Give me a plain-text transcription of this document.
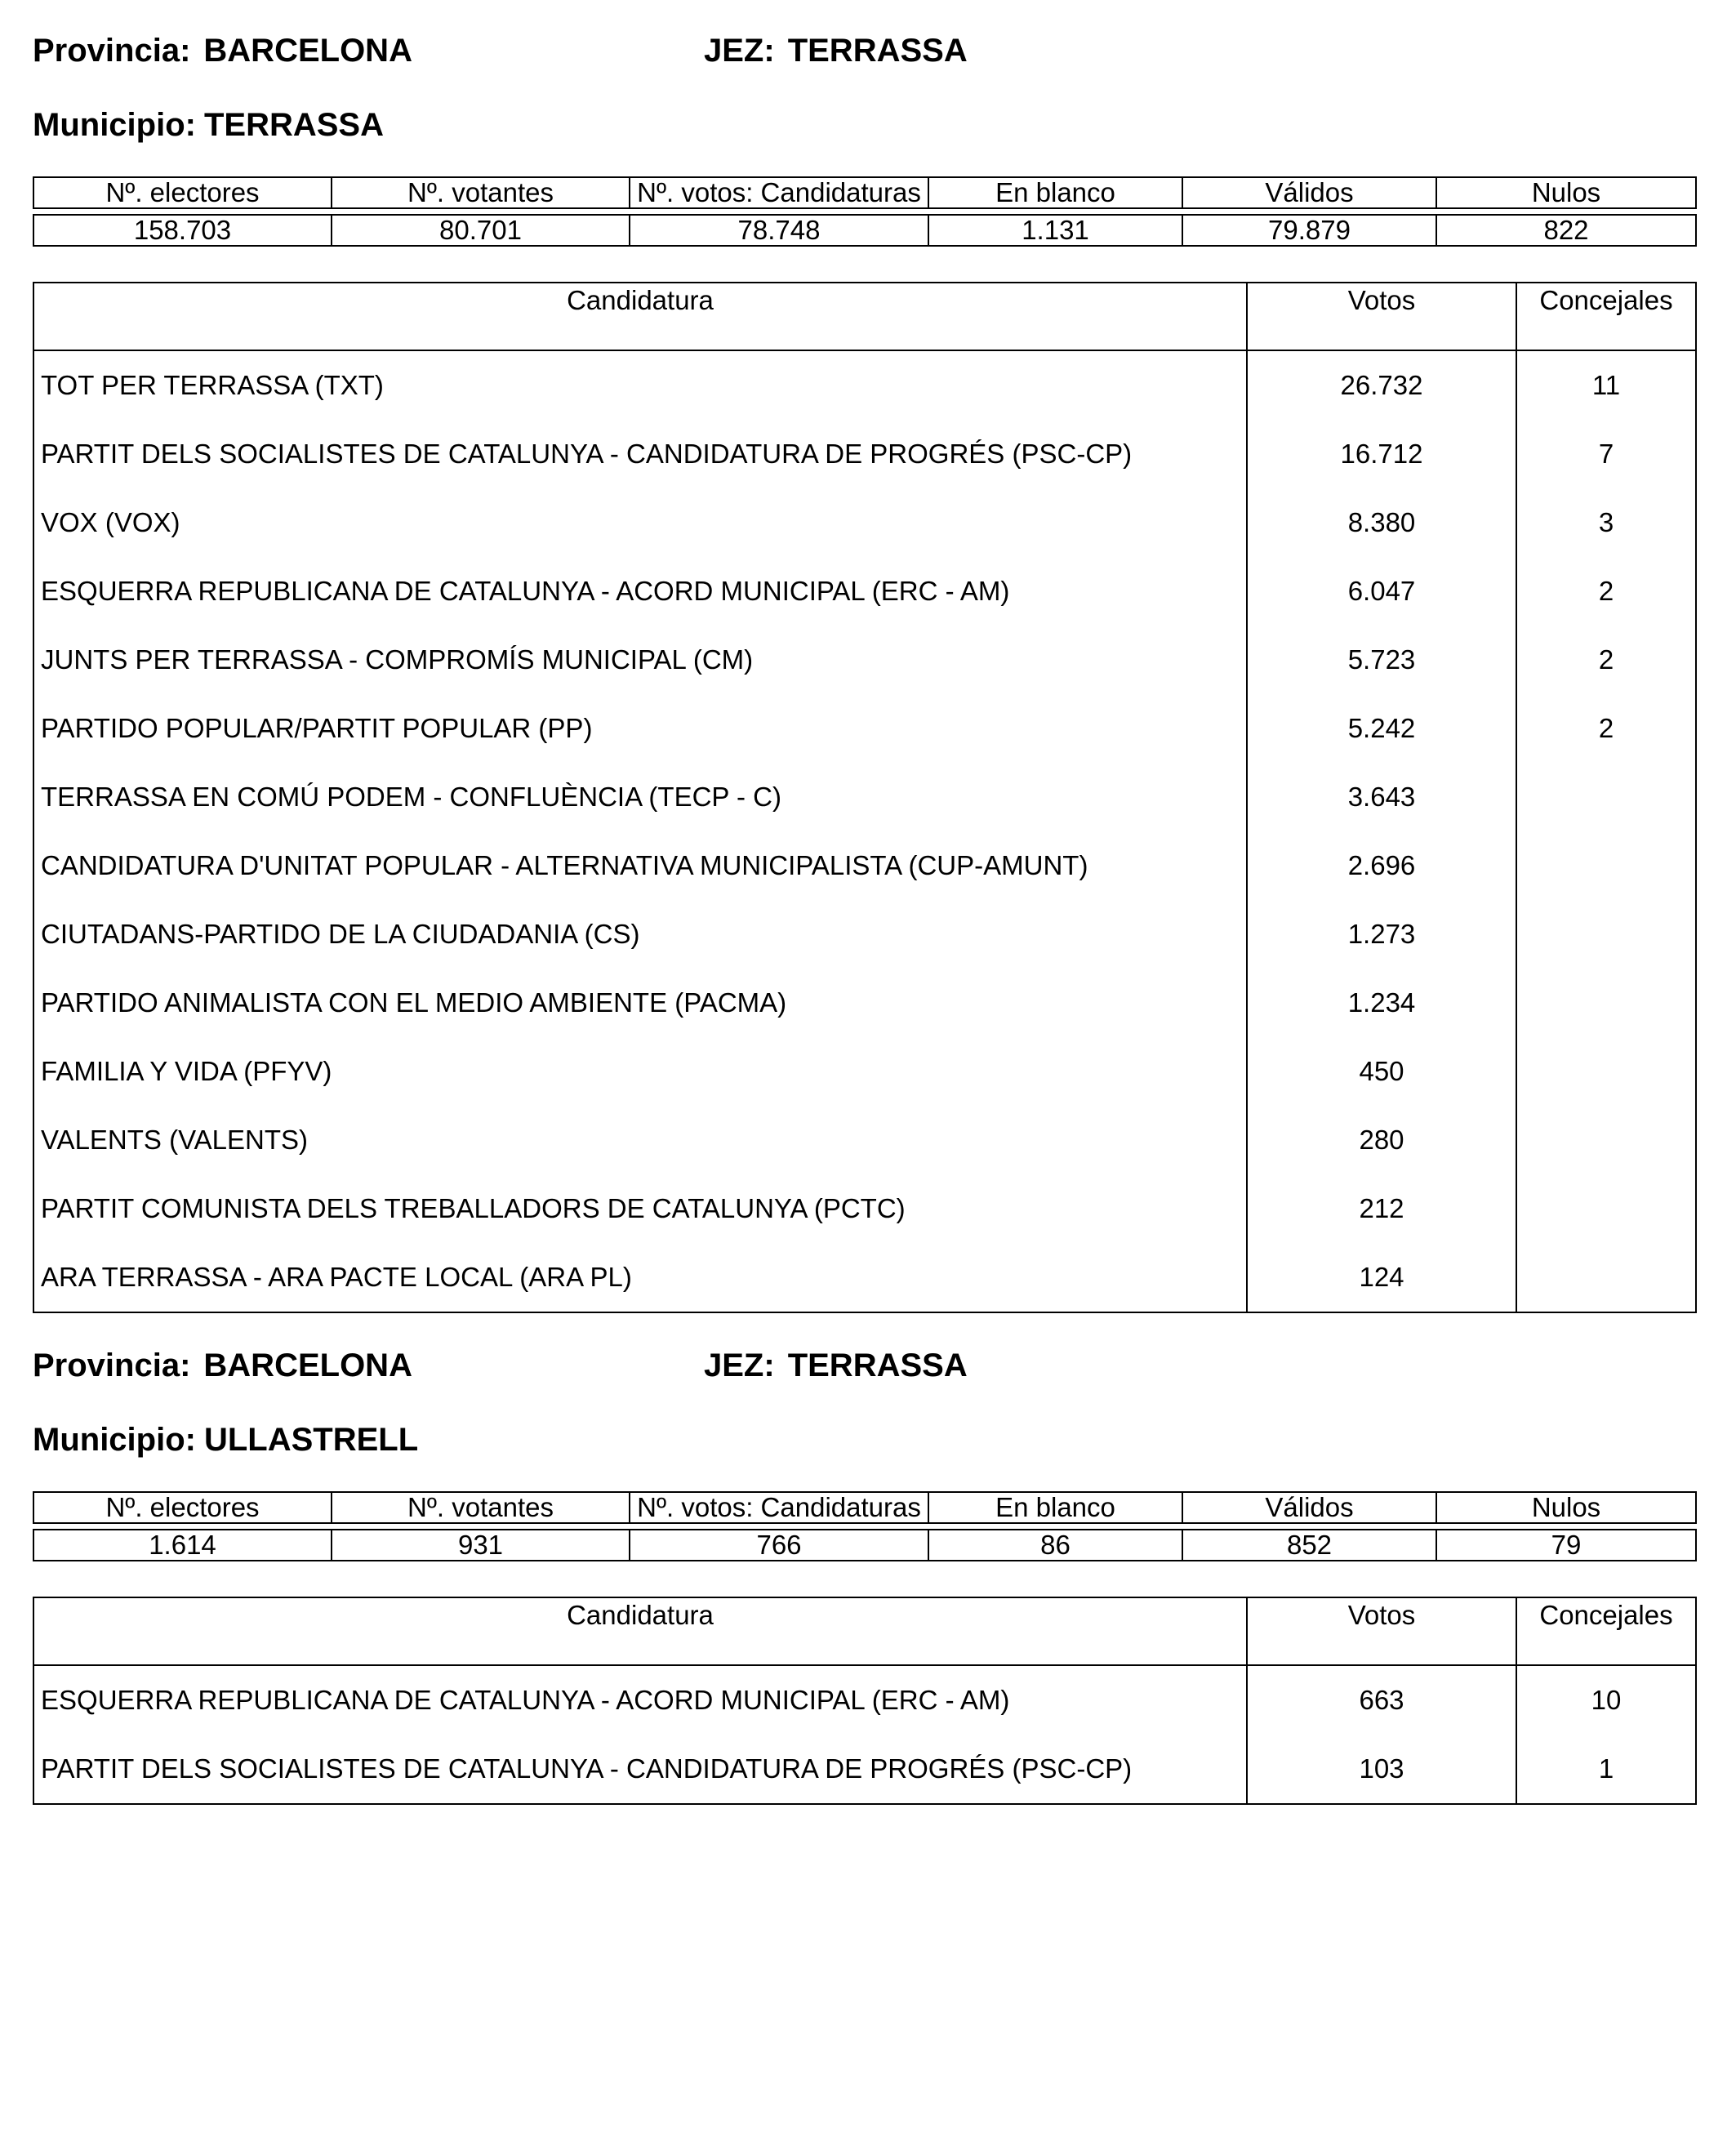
Provincia: BARCELONA	JEZ: TERRASSA
Municipio: TERRASSA
Nº. electores	Nº. votantes	Nº. votos: Candidaturas	En blanco	Válidos	Nulos

158.703	80.701	78.748	1.131	79.879	822
Candidatura	Votos	Concejales
TOT PER TERRASSA (TXT)	26.732	11
PARTIT DELS SOCIALISTES DE CATALUNYA - CANDIDATURA DE PROGRÉS (PSC-CP)	16.712	7
VOX (VOX)	8.380	3
ESQUERRA REPUBLICANA DE CATALUNYA - ACORD MUNICIPAL (ERC - AM)	6.047	2
JUNTS PER TERRASSA - COMPROMÍS MUNICIPAL (CM)	5.723	2
PARTIDO POPULAR/PARTIT POPULAR (PP)	5.242	2
TERRASSA EN COMÚ PODEM - CONFLUÈNCIA (TECP - C)	3.643	
CANDIDATURA D'UNITAT POPULAR - ALTERNATIVA MUNICIPALISTA (CUP-AMUNT)	2.696	
CIUTADANS-PARTIDO DE LA CIUDADANIA (CS)	1.273	
PARTIDO ANIMALISTA CON EL MEDIO AMBIENTE (PACMA)	1.234	
FAMILIA Y VIDA (PFYV)	450	
VALENTS (VALENTS)	280	
PARTIT COMUNISTA DELS TREBALLADORS DE CATALUNYA (PCTC)	212	
ARA TERRASSA - ARA PACTE LOCAL (ARA PL)	124	
Provincia: BARCELONA	JEZ: TERRASSA
Municipio: ULLASTRELL
Nº. electores	Nº. votantes	Nº. votos: Candidaturas	En blanco	Válidos	Nulos

1.614	931	766	86	852	79
Candidatura	Votos	Concejales
ESQUERRA REPUBLICANA DE CATALUNYA - ACORD MUNICIPAL (ERC - AM)	663	10
PARTIT DELS SOCIALISTES DE CATALUNYA - CANDIDATURA DE PROGRÉS (PSC-CP)	103	1
